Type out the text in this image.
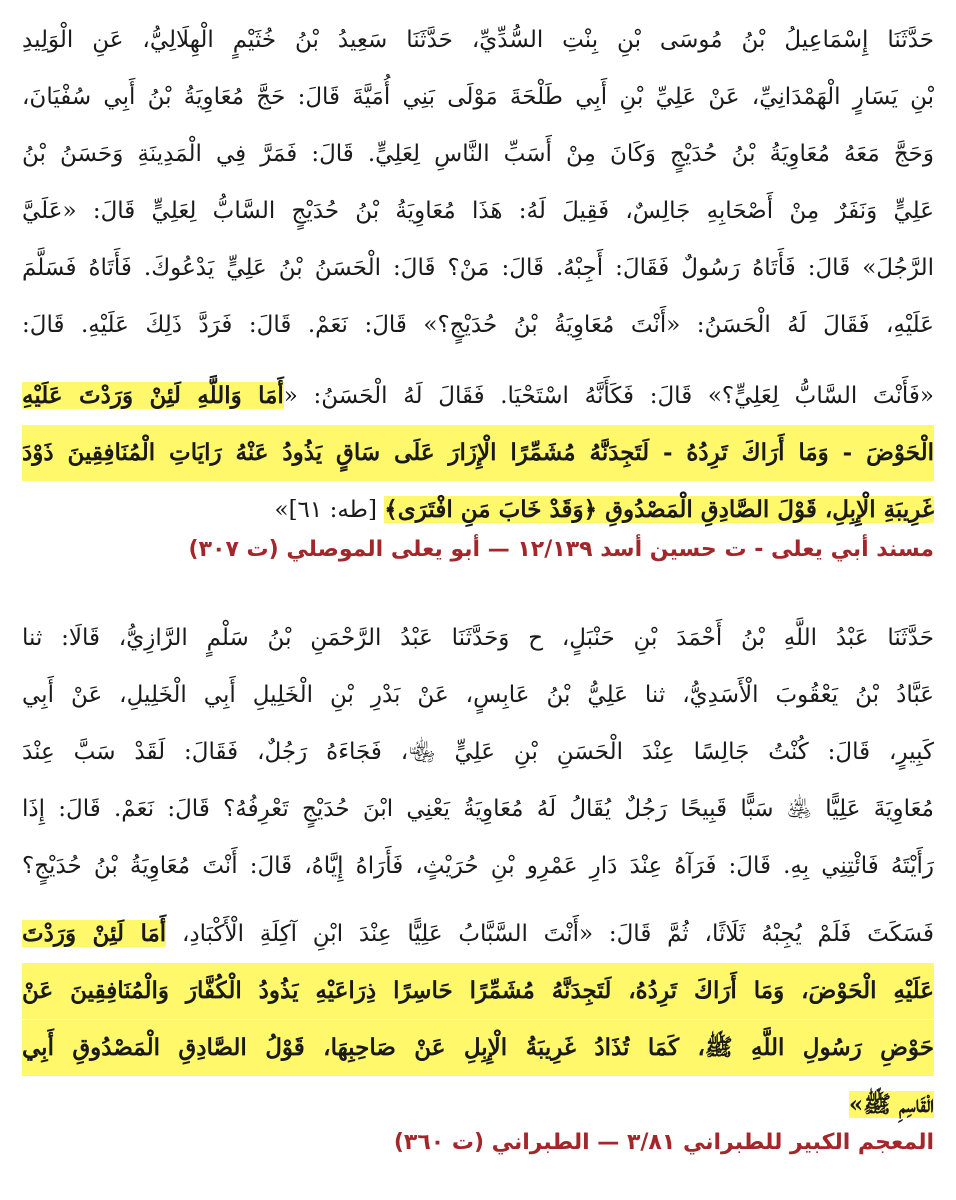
حَدَّثَنَا إِسْمَاعِيلُ بْنُ مُوسَى بْنِ بِنْتِ السُّدِّيِّ، حَدَّثَنَا سَعِيدُ بْنُ خُثَيْمٍ الْهِلَالِيُّ، عَنِ الْوَلِيدِ
بْنِ يَسَارٍ الْهَمْدَانِيِّ، عَنْ عَلِيِّ بْنِ أَبِي طَلْحَةَ مَوْلَى بَنِي أُمَيَّةَ قَالَ: حَجَّ مُعَاوِيَةُ بْنُ أَبِي سُفْيَانَ،
وَحَجَّ مَعَهُ مُعَاوِيَةُ بْنُ حُدَيْجٍ وَكَانَ مِنْ أَسَبِّ النَّاسِ لِعَلِيٍّ. قَالَ: فَمَرَّ فِي الْمَدِينَةِ وَحَسَنُ بْنُ
عَلِيٍّ وَنَفَرٌ مِنْ أَصْحَابِهِ جَالِسٌ، فَقِيلَ لَهُ: هَذَا مُعَاوِيَةُ بْنُ حُدَيْجٍ السَّابُّ لِعَلِيٍّ قَالَ: «عَلَيَّ
الرَّجُلَ» قَالَ: فَأَتَاهُ رَسُولٌ فَقَالَ: أَجِبْهُ. قَالَ: مَنْ؟ قَالَ: الْحَسَنُ بْنُ عَلِيٍّ يَدْعُوكَ. فَأَتَاهُ فَسَلَّمَ
عَلَيْهِ، فَقَالَ لَهُ الْحَسَنُ: «أَنْتَ مُعَاوِيَةُ بْنُ حُدَيْجٍ؟» قَالَ: نَعَمْ. قَالَ: فَرَدَّ ذَلِكَ عَلَيْهِ. قَالَ:
«فَأَنْتَ السَّابُّ لِعَلِيٍّ؟» قَالَ: فَكَأَنَّهُ اسْتَحْيَا. فَقَالَ لَهُ الْحَسَنُ: «أَمَا وَاللَّهِ لَئِنْ وَرَدْتَ عَلَيْهِ
الْحَوْضَ - وَمَا أَرَاكَ تَرِدُهُ - لَتَجِدَنَّهُ مُشَمِّرًا الْإِزَارَ عَلَى سَاقٍ يَذُودُ عَنْهُ رَايَاتِ الْمُنَافِقِينَ ذَوْدَ
غَرِيبَةِ الْإِبِلِ، قَوْلَ الصَّادِقِ الْمَصْدُوقِ ﴿وَقَدْ خَابَ مَنِ افْتَرَى﴾ [طه: ٦١]»
مسند أبي يعلى - ت حسين أسد ١٢/١٣٩ — أبو يعلى الموصلي (ت ٣٠٧)
حَدَّثَنَا عَبْدُ اللَّهِ بْنُ أَحْمَدَ بْنِ حَنْبَلٍ، ح وَحَدَّثَنَا عَبْدُ الرَّحْمَنِ بْنُ سَلْمٍ الرَّازِيُّ، قَالَا: ثنا
عَبَّادُ بْنُ يَعْقُوبَ الْأَسَدِيُّ، ثنا عَلِيُّ بْنُ عَابِسٍ، عَنْ بَدْرِ بْنِ الْخَلِيلِ أَبِي الْخَلِيلِ، عَنْ أَبِي
كَبِيرٍ، قَالَ: كُنْتُ جَالِسًا عِنْدَ الْحَسَنِ بْنِ عَلِيٍّ ﵄، فَجَاءَهُ رَجُلٌ، فَقَالَ: لَقَدْ سَبَّ عِنْدَ
مُعَاوِيَةَ عَلِيًّا ﵁ سَبًّا قَبِيحًا رَجُلٌ يُقَالُ لَهُ مُعَاوِيَةُ يَعْنِي ابْنَ حُدَيْجٍ تَعْرِفُهُ؟ قَالَ: نَعَمْ. قَالَ: إِذَا
رَأَيْتَهُ فَائْتِنِي بِهِ. قَالَ: فَرَآهُ عِنْدَ دَارِ عَمْرِو بْنِ حُرَيْثٍ، فَأَرَاهُ إِيَّاهُ، قَالَ: أَنْتَ مُعَاوِيَةُ بْنُ حُدَيْجٍ؟
فَسَكَتَ فَلَمْ يُجِبْهُ ثَلَاثًا، ثُمَّ قَالَ: «أَنْتَ السَّبَّابُ عَلِيًّا عِنْدَ ابْنِ آكِلَةِ الْأَكْبَادِ، أَمَا لَئِنْ وَرَدْتَ
عَلَيْهِ الْحَوْضَ، وَمَا أَرَاكَ تَرِدُهُ، لَتَجِدَنَّهُ مُشَمِّرًا حَاسِرًا ذِرَاعَيْهِ يَذُودُ الْكُفَّارَ وَالْمُنَافِقِينَ عَنْ
حَوْضِ رَسُولِ اللَّهِ ﷺ، كَمَا تُذَادُ غَرِيبَةُ الْإِبِلِ عَنْ صَاحِبِهَا، قَوْلُ الصَّادِقِ الْمَصْدُوقِ أَبِي
الْقَاسِمِ ﷺ»
المعجم الكبير للطبراني ٣/٨١ — الطبراني (ت ٣٦٠)
